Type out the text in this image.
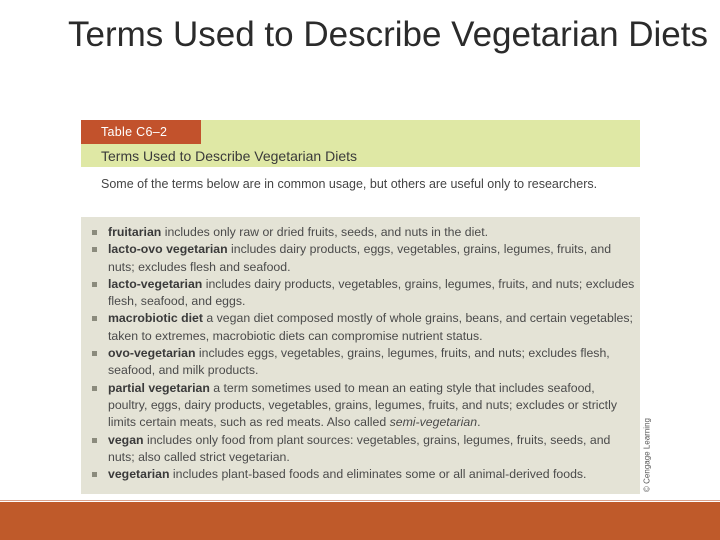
Terms Used to Describe Vegetarian Diets
Table C6–2
Terms Used to Describe Vegetarian Diets
Some of the terms below are in common usage, but others are useful only to researchers.
fruitarian includes only raw or dried fruits, seeds, and nuts in the diet.
lacto-ovo vegetarian includes dairy products, eggs, vegetables, grains, legumes, fruits, and nuts; excludes flesh and seafood.
lacto-vegetarian includes dairy products, vegetables, grains, legumes, fruits, and nuts; excludes flesh, seafood, and eggs.
macrobiotic diet a vegan diet composed mostly of whole grains, beans, and certain vegetables; taken to extremes, macrobiotic diets can compromise nutrient status.
ovo-vegetarian includes eggs, vegetables, grains, legumes, fruits, and nuts; excludes flesh, seafood, and milk products.
partial vegetarian a term sometimes used to mean an eating style that includes seafood, poultry, eggs, dairy products, vegetables, grains, legumes, fruits, and nuts; excludes or strictly limits certain meats, such as red meats. Also called semi-vegetarian.
vegan includes only food from plant sources: vegetables, grains, legumes, fruits, seeds, and nuts; also called strict vegetarian.
vegetarian includes plant-based foods and eliminates some or all animal-derived foods.	© Cengage Learning
